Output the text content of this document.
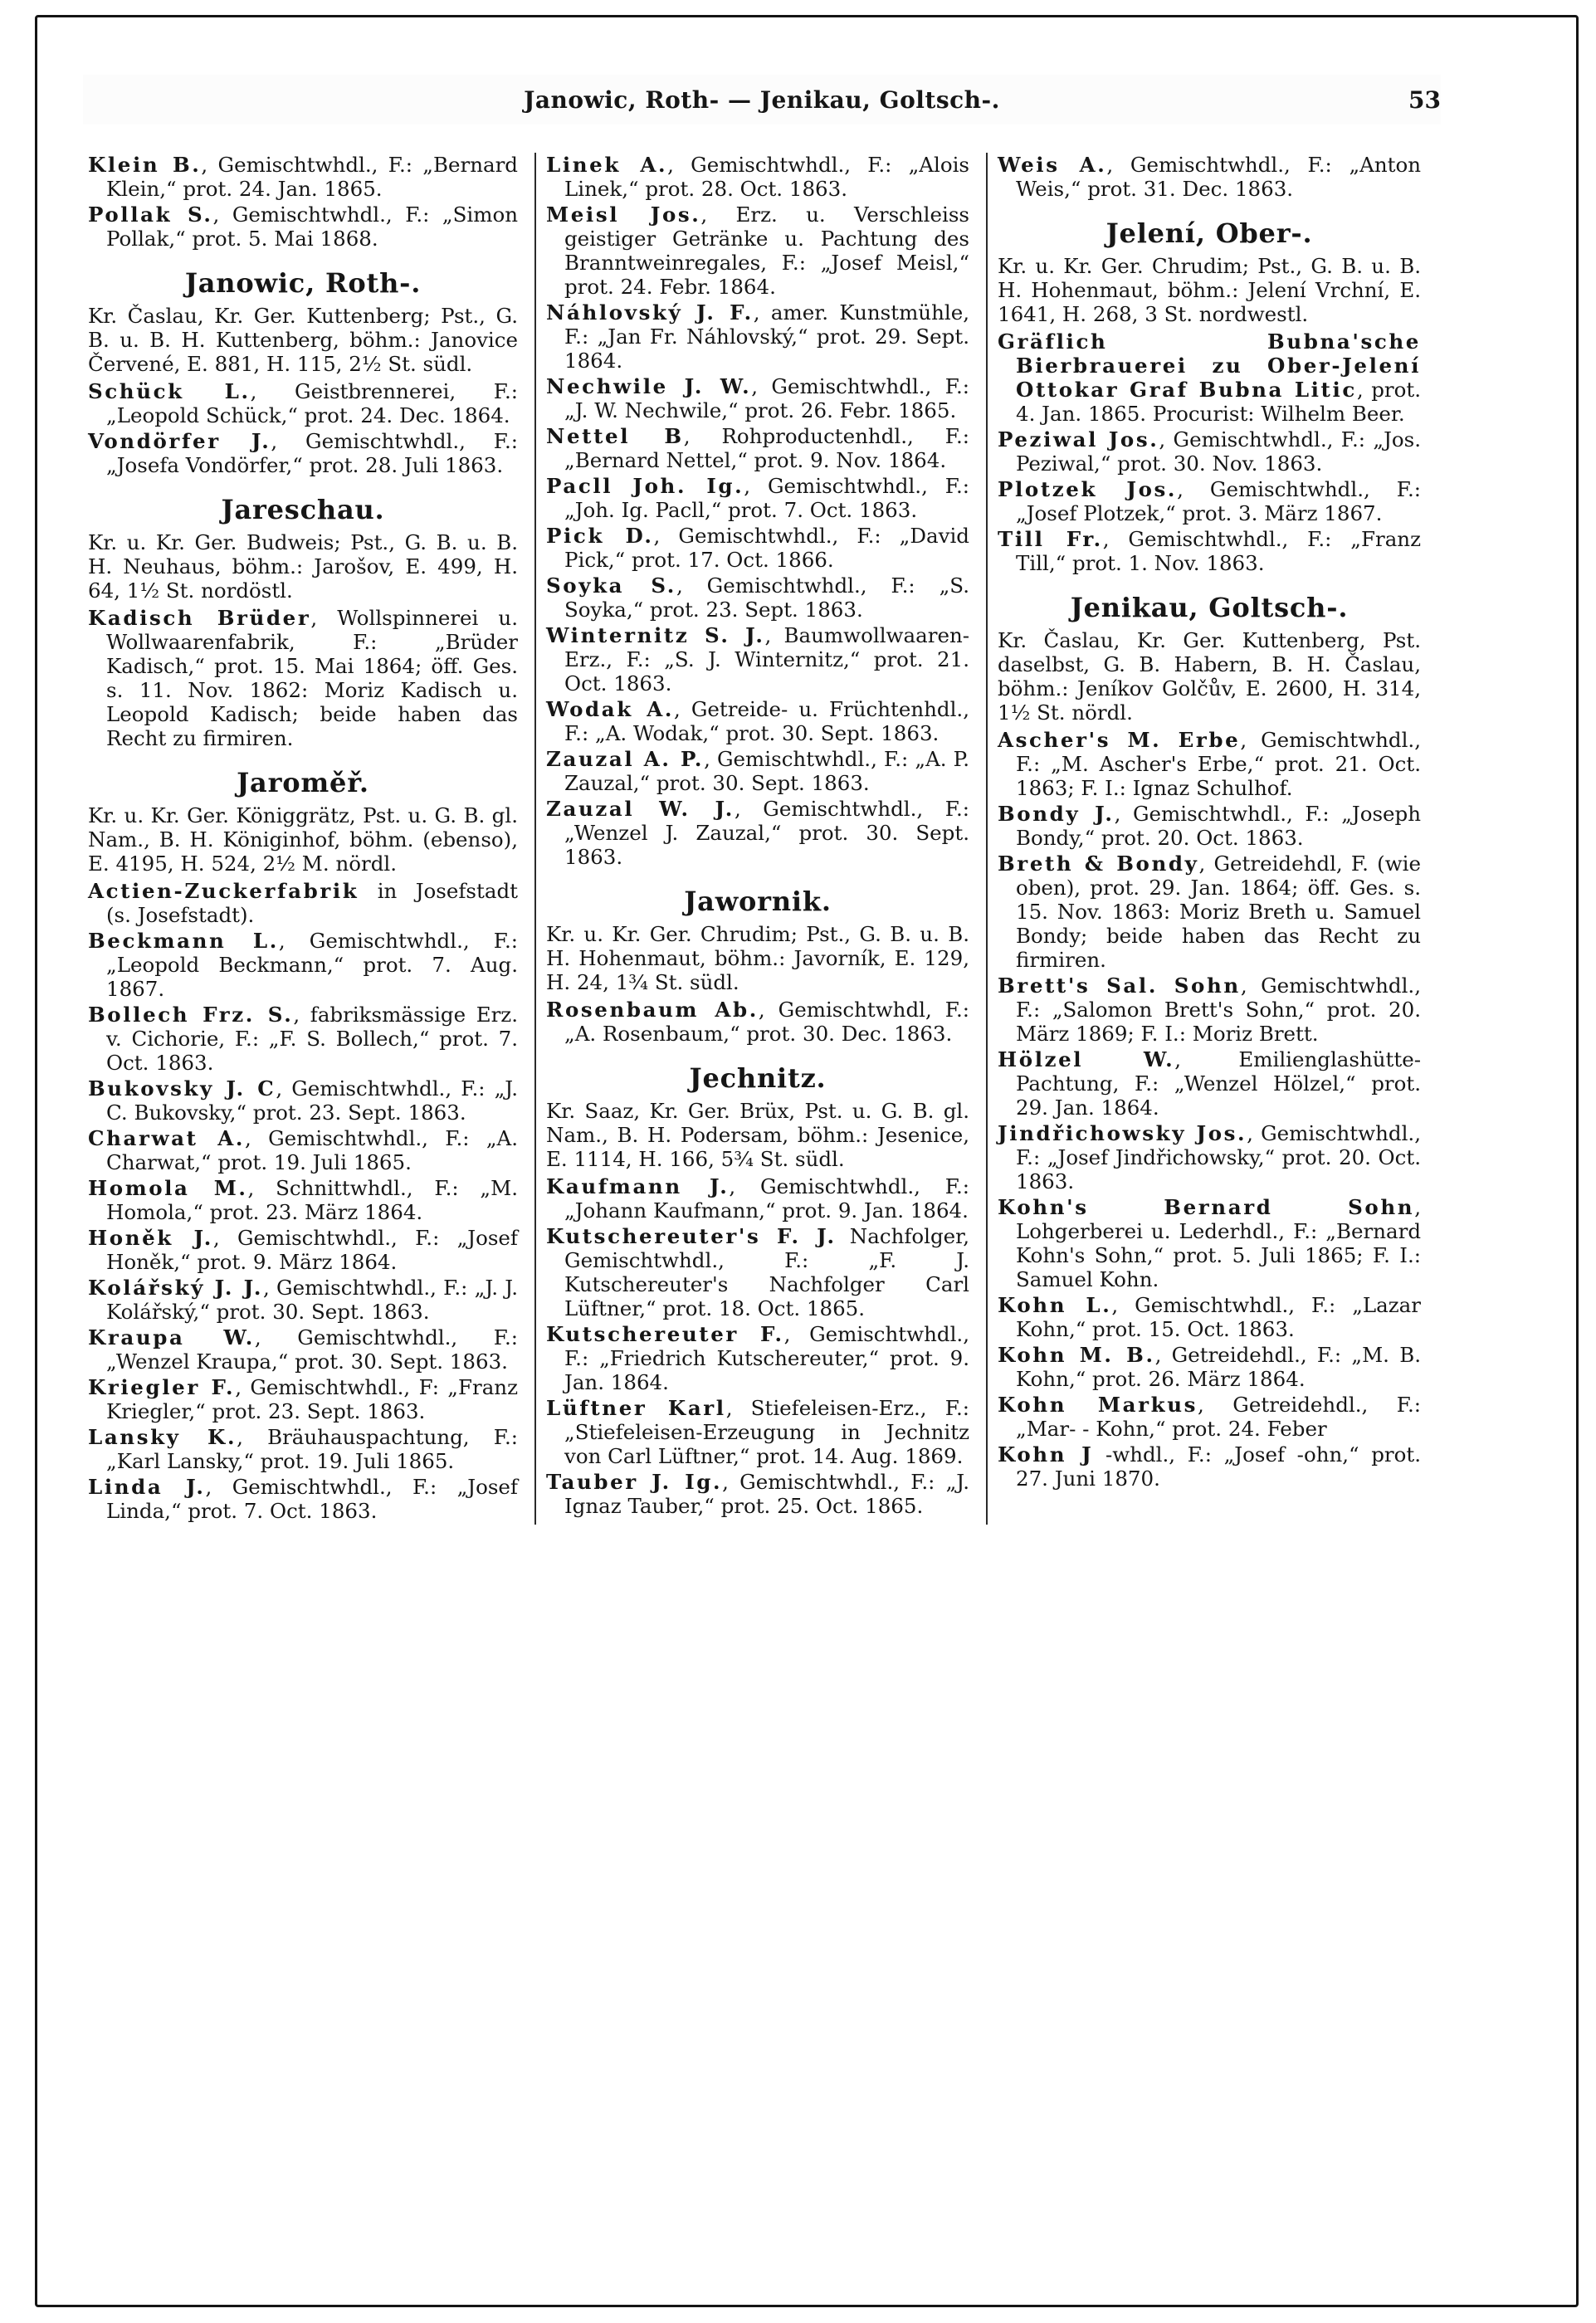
Janowic, Roth- — Jenikau, Goltsch-.	53
Klein B., Gemischtwhdl., F.: „Bernard Klein,“ prot. 24. Jan. 1865.
Pollak S., Gemischtwhdl., F.: „Simon Pollak,“ prot. 5. Mai 1868.
Janowic, Roth-.
Kr. Časlau, Kr. Ger. Kuttenberg; Pst., G. B. u. B. H. Kuttenberg, böhm.: Janovice Červené, E. 881, H. 115, 2½ St. südl.
Schück L., Geistbrennerei, F.: „Leopold Schück,“ prot. 24. Dec. 1864.
Vondörfer J., Gemischtwhdl., F.: „Josefa Vondörfer,“ prot. 28. Juli 1863.
Jareschau.
Kr. u. Kr. Ger. Budweis; Pst., G. B. u. B. H. Neuhaus, böhm.: Jarošov, E. 499, H. 64, 1½ St. nordöstl.
Kadisch Brüder, Wollspinnerei u. Wollwaarenfabrik, F.: „Brüder Kadisch,“ prot. 15. Mai 1864; öff. Ges. s. 11. Nov. 1862: Moriz Kadisch u. Leopold Kadisch; beide haben das Recht zu firmiren.
Jaroměř.
Kr. u. Kr. Ger. Königgrätz, Pst. u. G. B. gl. Nam., B. H. Königinhof, böhm. (ebenso), E. 4195, H. 524, 2½ M. nördl.
Actien-Zuckerfabrik in Josefstadt (s. Josefstadt).
Beckmann L., Gemischtwhdl., F.: „Leopold Beckmann,“ prot. 7. Aug. 1867.
Bollech Frz. S., fabriksmässige Erz. v. Cichorie, F.: „F. S. Bollech,“ prot. 7. Oct. 1863.
Bukovsky J. C, Gemischtwhdl., F.: „J. C. Bukovsky,“ prot. 23. Sept. 1863.
Charwat A., Gemischtwhdl., F.: „A. Charwat,“ prot. 19. Juli 1865.
Homola M., Schnittwhdl., F.: „M. Homola,“ prot. 23. März 1864.
Honěk J., Gemischtwhdl., F.: „Josef Honěk,“ prot. 9. März 1864.
Kolářský J. J., Gemischtwhdl., F.: „J. J. Kolářský,“ prot. 30. Sept. 1863.
Kraupa W., Gemischtwhdl., F.: „Wenzel Kraupa,“ prot. 30. Sept. 1863.
Kriegler F., Gemischtwhdl., F: „Franz Kriegler,“ prot. 23. Sept. 1863.
Lansky K., Bräuhauspachtung, F.: „Karl Lansky,“ prot. 19. Juli 1865.
Linda J., Gemischtwhdl., F.: „Josef Linda,“ prot. 7. Oct. 1863.
Linek A., Gemischtwhdl., F.: „Alois Linek,“ prot. 28. Oct. 1863.
Meisl Jos., Erz. u. Verschleiss geistiger Getränke u. Pachtung des Branntweinregales, F.: „Josef Meisl,“ prot. 24. Febr. 1864.
Náhlovský J. F., amer. Kunstmühle, F.: „Jan Fr. Náhlovský,“ prot. 29. Sept. 1864.
Nechwile J. W., Gemischtwhdl., F.: „J. W. Nechwile,“ prot. 26. Febr. 1865.
Nettel B, Rohproductenhdl., F.: „Bernard Nettel,“ prot. 9. Nov. 1864.
Pacll Joh. Ig., Gemischtwhdl., F.: „Joh. Ig. Pacll,“ prot. 7. Oct. 1863.
Pick D., Gemischtwhdl., F.: „David Pick,“ prot. 17. Oct. 1866.
Soyka S., Gemischtwhdl., F.: „S. Soyka,“ prot. 23. Sept. 1863.
Winternitz S. J., Baumwollwaaren-Erz., F.: „S. J. Winternitz,“ prot. 21. Oct. 1863.
Wodak A., Getreide- u. Früchtenhdl., F.: „A. Wodak,“ prot. 30. Sept. 1863.
Zauzal A. P., Gemischtwhdl., F.: „A. P. Zauzal,“ prot. 30. Sept. 1863.
Zauzal W. J., Gemischtwhdl., F.: „Wenzel J. Zauzal,“ prot. 30. Sept. 1863.
Jawornik.
Kr. u. Kr. Ger. Chrudim; Pst., G. B. u. B. H. Hohenmaut, böhm.: Javorník, E. 129, H. 24, 1¾ St. südl.
Rosenbaum Ab., Gemischtwhdl, F.: „A. Rosenbaum,“ prot. 30. Dec. 1863.
Jechnitz.
Kr. Saaz, Kr. Ger. Brüx, Pst. u. G. B. gl. Nam., B. H. Podersam, böhm.: Jesenice, E. 1114, H. 166, 5¾ St. südl.
Kaufmann J., Gemischtwhdl., F.: „Johann Kaufmann,“ prot. 9. Jan. 1864.
Kutschereuter's F. J. Nachfolger, Gemischtwhdl., F.: „F. J. Kutschereuter's Nachfolger Carl Lüftner,“ prot. 18. Oct. 1865.
Kutschereuter F., Gemischtwhdl., F.: „Friedrich Kutschereuter,“ prot. 9. Jan. 1864.
Lüftner Karl, Stiefeleisen-Erz., F.: „Stiefeleisen-Erzeugung in Jechnitz von Carl Lüftner,“ prot. 14. Aug. 1869.
Tauber J. Ig., Gemischtwhdl., F.: „J. Ignaz Tauber,“ prot. 25. Oct. 1865.
Weis A., Gemischtwhdl., F.: „Anton Weis,“ prot. 31. Dec. 1863.
Jelení, Ober-.
Kr. u. Kr. Ger. Chrudim; Pst., G. B. u. B. H. Hohenmaut, böhm.: Jelení Vrchní, E. 1641, H. 268, 3 St. nordwestl.
Gräflich Bubna'sche Bierbrauerei zu Ober-Jelení Ottokar Graf Bubna Litic, prot. 4. Jan. 1865. Procurist: Wilhelm Beer.
Peziwal Jos., Gemischtwhdl., F.: „Jos. Peziwal,“ prot. 30. Nov. 1863.
Plotzek Jos., Gemischtwhdl., F.: „Josef Plotzek,“ prot. 3. März 1867.
Till Fr., Gemischtwhdl., F.: „Franz Till,“ prot. 1. Nov. 1863.
Jenikau, Goltsch-.
Kr. Časlau, Kr. Ger. Kuttenberg, Pst. daselbst, G. B. Habern, B. H. Časlau, böhm.: Jeníkov Golčův, E. 2600, H. 314, 1½ St. nördl.
Ascher's M. Erbe, Gemischtwhdl., F.: „M. Ascher's Erbe,“ prot. 21. Oct. 1863; F. I.: Ignaz Schulhof.
Bondy J., Gemischtwhdl., F.: „Joseph Bondy,“ prot. 20. Oct. 1863.
Breth & Bondy, Getreidehdl, F. (wie oben), prot. 29. Jan. 1864; öff. Ges. s. 15. Nov. 1863: Moriz Breth u. Samuel Bondy; beide haben das Recht zu firmiren.
Brett's Sal. Sohn, Gemischtwhdl., F.: „Salomon Brett's Sohn,“ prot. 20. März 1869; F. I.: Moriz Brett.
Hölzel W., Emilienglashütte-Pachtung, F.: „Wenzel Hölzel,“ prot. 29. Jan. 1864.
Jindřichowsky Jos., Gemischtwhdl., F.: „Josef Jindřichowsky,“ prot. 20. Oct. 1863.
Kohn's Bernard Sohn, Lohgerberei u. Lederhdl., F.: „Bernard Kohn's Sohn,“ prot. 5. Juli 1865; F. I.: Samuel Kohn.
Kohn L., Gemischtwhdl., F.: „Lazar Kohn,“ prot. 15. Oct. 1863.
Kohn M. B., Getreidehdl., F.: „M. B. Kohn,“ prot. 26. März 1864.
Kohn Markus, Getreidehdl., F.: „Mar‑ ‑ Kohn,“ prot. 24. Feber
Kohn J ‑whdl., F.: „Josef ‑ohn,“ prot. 27. Juni 1870.
